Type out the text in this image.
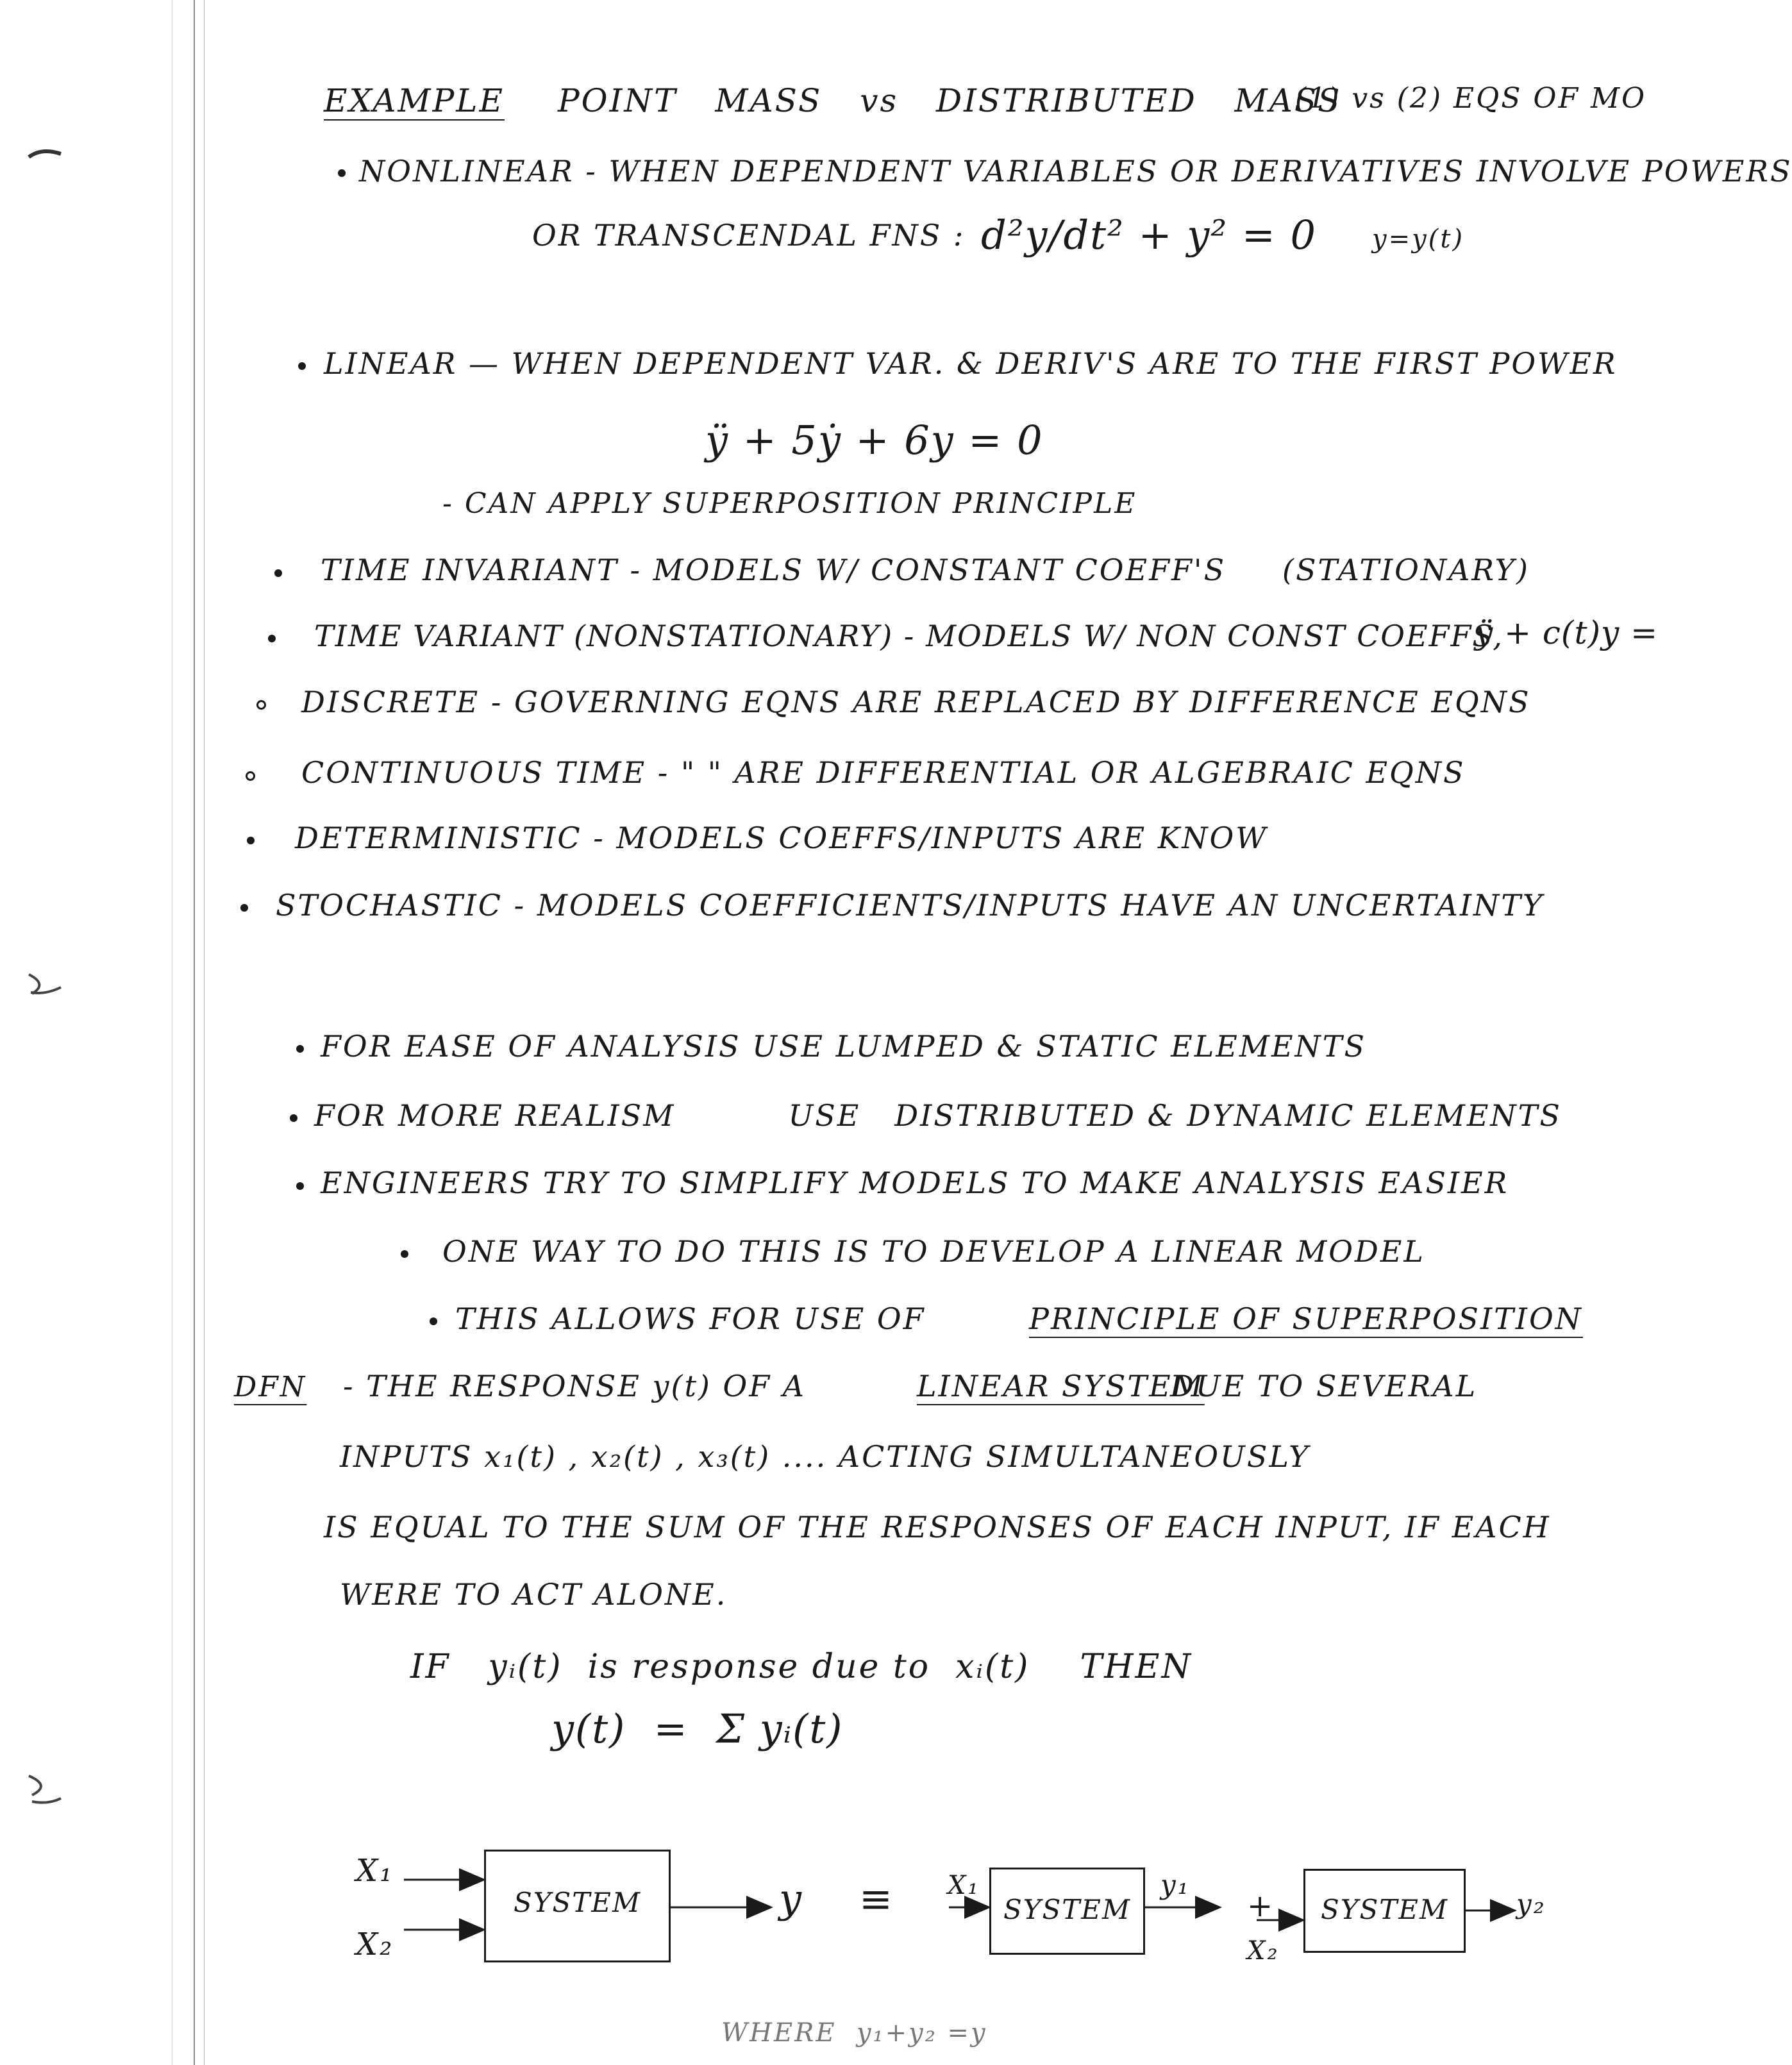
EXAMPLE POINT MASS vs DISTRIBUTED MASS
(1) vs (2) EQS OF MO
NONLINEAR - WHEN DEPENDENT VARIABLES OR DERIVATIVES INVOLVE POWERS
OR TRANSCENDAL FNS : d²y/dt² + y² = 0 y=y(t)
LINEAR — WHEN DEPENDENT VAR. & DERIV'S ARE TO THE FIRST POWER
ÿ + 5ẏ + 6y = 0
- CAN APPLY SUPERPOSITION PRINCIPLE
TIME INVARIANT - MODELS W/ CONSTANT COEFF'S (STATIONARY)
TIME VARIANT (NONSTATIONARY) - MODELS W/ NON CONST COEFFS,
ÿ + c(t)y =
DISCRETE - GOVERNING EQNS ARE REPLACED BY DIFFERENCE EQNS
CONTINUOUS TIME - " " ARE DIFFERENTIAL OR ALGEBRAIC EQNS
DETERMINISTIC - MODELS COEFFS/INPUTS ARE KNOW
STOCHASTIC - MODELS COEFFICIENTS/INPUTS HAVE AN UNCERTAINTY
FOR EASE OF ANALYSIS USE LUMPED & STATIC ELEMENTS
FOR MORE REALISM          USE   DISTRIBUTED & DYNAMIC ELEMENTS
ENGINEERS TRY TO SIMPLIFY MODELS TO MAKE ANALYSIS EASIER
ONE WAY TO DO THIS IS TO DEVELOP A LINEAR MODEL
THIS ALLOWS FOR USE OF	PRINCIPLE OF SUPERPOSITION
DFN - THE RESPONSE y(t) OF A	LINEAR SYSTEM
DUE TO SEVERAL
INPUTS x₁(t) , x₂(t) , x₃(t) .... ACTING SIMULTANEOUSLY
IS EQUAL TO THE SUM OF THE RESPONSES OF EACH INPUT, IF EACH
WERE TO ACT ALONE.
IF   yᵢ(t)  is response due to  xᵢ(t)    THEN
y(t)  =  Σ yᵢ(t)
X₁
X₂
SYSTEM	y ≡ X₁
SYSTEM
y₁
+
X₂
SYSTEM	y₂
WHERE  y₁+y₂ =y
